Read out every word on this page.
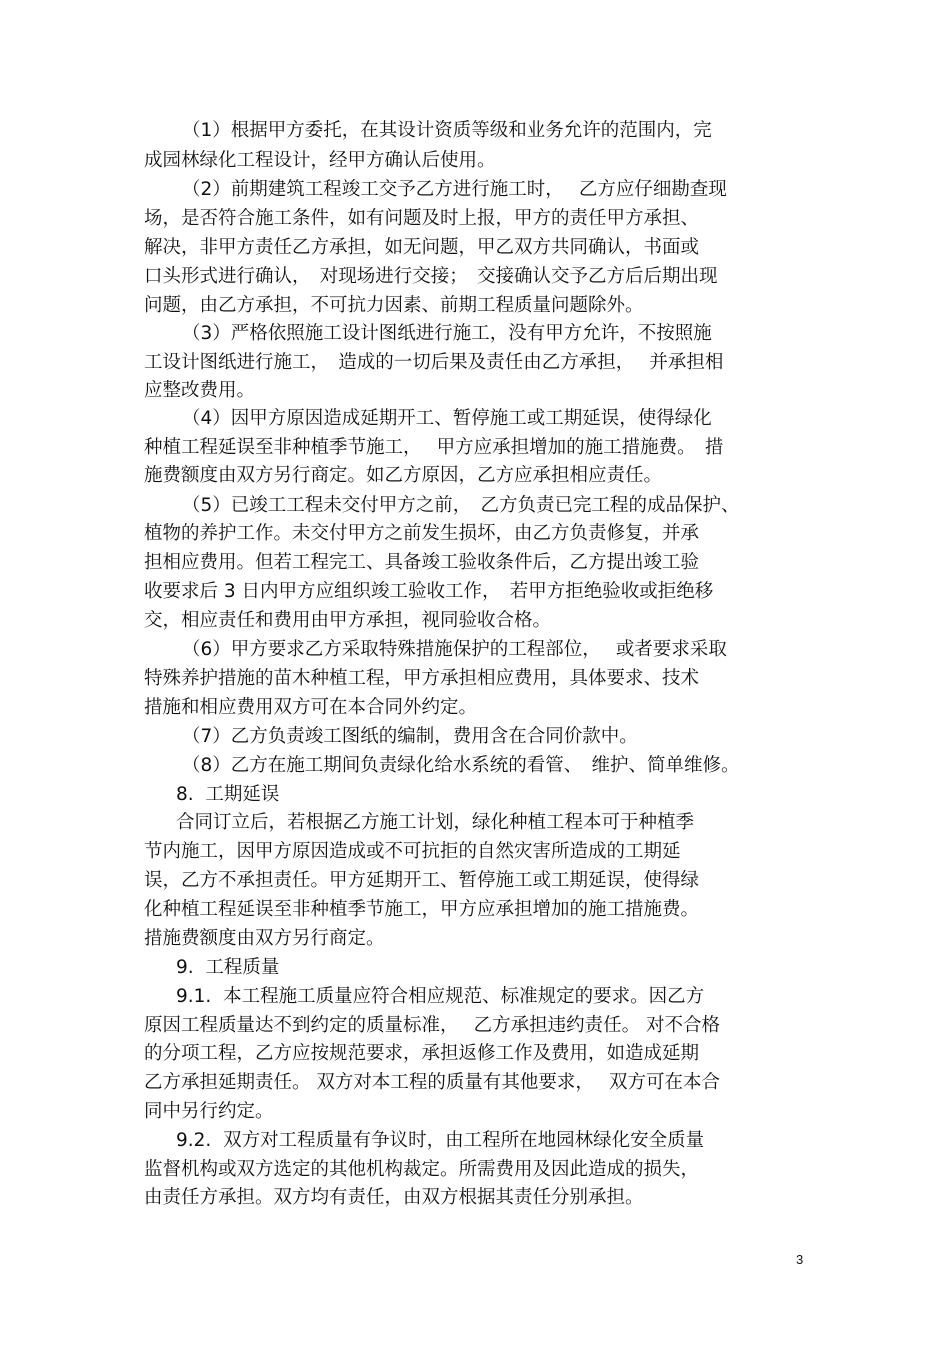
（1）根据甲方委托，在其设计资质等级和业务允许的范围内，完
成园林绿化工程设计，经甲方确认后使用。
（2）前期建筑工程竣工交予乙方进行施工时，　 乙方应仔细勘查现
场，是否符合施工条件，如有问题及时上报，甲方的责任甲方承担、
解决，非甲方责任乙方承担，如无问题，甲乙双方共同确认，书面或
口头形式进行确认，　对现场进行交接；　交接确认交予乙方后后期出现
问题，由乙方承担，不可抗力因素、前期工程质量问题除外。
（3）严格依照施工设计图纸进行施工，没有甲方允许，不按照施
工设计图纸进行施工，　造成的一切后果及责任由乙方承担，　 并承担相
应整改费用。
（4）因甲方原因造成延期开工、暂停施工或工期延误，使得绿化
种植工程延误至非种植季节施工，　 甲方应承担增加的施工措施费。　措
施费额度由双方另行商定。如乙方原因，乙方应承担相应责任。
（5）已竣工工程未交付甲方之前，　乙方负责已完工程的成品保护、
植物的养护工作。未交付甲方之前发生损坏，由乙方负责修复，并承
担相应费用。但若工程完工、具备竣工验收条件后，乙方提出竣工验
收要求后 3 日内甲方应组织竣工验收工作，　若甲方拒绝验收或拒绝移
交，相应责任和费用由甲方承担，视同验收合格。
（6）甲方要求乙方采取特殊措施保护的工程部位，　 或者要求采取
特殊养护措施的苗木种植工程，甲方承担相应费用，具体要求、技术
措施和相应费用双方可在本合同外约定。
（7）乙方负责竣工图纸的编制，费用含在合同价款中。
（8）乙方在施工期间负责绿化给水系统的看管、　维护、简单维修。
8.  工期延误
合同订立后，若根据乙方施工计划，绿化种植工程本可于种植季
节内施工，因甲方原因造成或不可抗拒的自然灾害所造成的工期延
误，乙方不承担责任。甲方延期开工、暂停施工或工期延误，使得绿
化种植工程延误至非种植季节施工，甲方应承担增加的施工措施费。
措施费额度由双方另行商定。
9.  工程质量
9.1.  本工程施工质量应符合相应规范、标准规定的要求。因乙方
原因工程质量达不到约定的质量标准，　 乙方承担违约责任。 对不合格
的分项工程，乙方应按规范要求，承担返修工作及费用，如造成延期
乙方承担延期责任。 双方对本工程的质量有其他要求，　 双方可在本合
同中另行约定。
9.2.  双方对工程质量有争议时，由工程所在地园林绿化安全质量
监督机构或双方选定的其他机构裁定。所需费用及因此造成的损失，
由责任方承担。双方均有责任，由双方根据其责任分别承担。
3
